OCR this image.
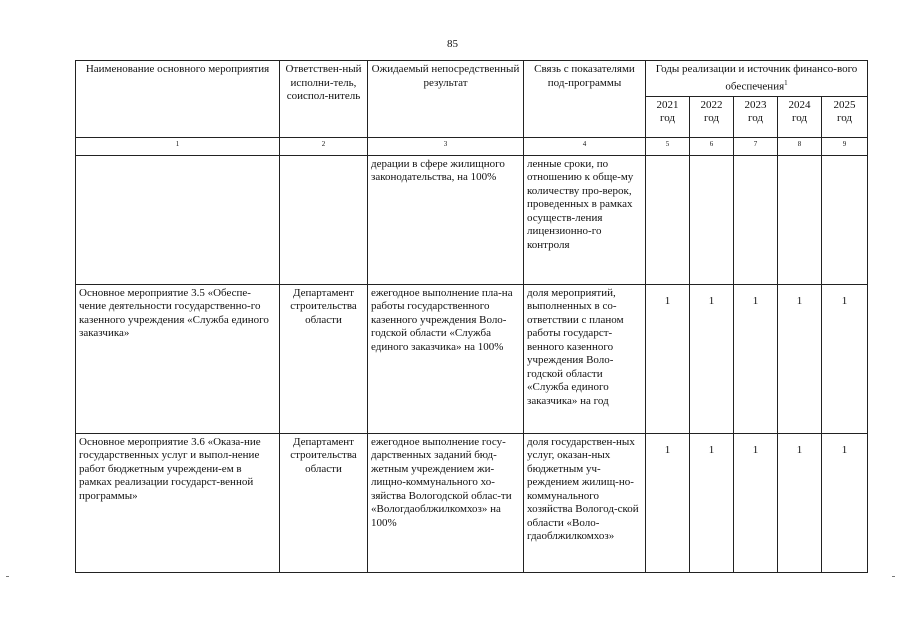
85
Наименование основного мероприятия	Ответствен-ный исполни-тель, соиспол-нитель	Ожидаемый непосредственный результат	Связь с показателями под-программы	Годы реализации и источник финансо-вого обеспечения$^1$
				2021 год	2022 год	2023 год	2024 год	2025 год
1	2	3	4	5	6	7	8	9
		дерации в сфере жилищного законодательства, на 100%	ленные сроки, по отношению к обще-му количеству про-верок, проведенных в рамках осуществ-ления лицензионно-го контроля					
Основное мероприятие 3.5 «Обеспе-чение деятельности государственно-го казенного учреждения «Служба единого заказчика»	Департамент строительства области	ежегодное выполнение пла-на работы государственного казенного учреждения Воло-годской области «Служба единого заказчика» на 100%	доля мероприятий, выполненных в со-ответствии с планом работы государст-венного казенного учреждения Воло-годской области «Служба единого заказчика» на год	1	1	1	1	1
Основное мероприятие 3.6 «Оказа-ние государственных услуг и выпол-нение работ бюджетным учреждени-ем в рамках реализации государст-венной программы»	Департамент строительства области	ежегодное выполнение госу-дарственных заданий бюд-жетным учреждением жи-лищно-коммунального хо-зяйства Вологодской облас-ти «Вологдаоблжилкомхоз» на 100%	доля государствен-ных услуг, оказан-ных бюджетным уч-реждением жилищ-но-коммунального хозяйства Вологод-ской области «Воло-гдаоблжилкомхоз»	1	1	1	1	1
